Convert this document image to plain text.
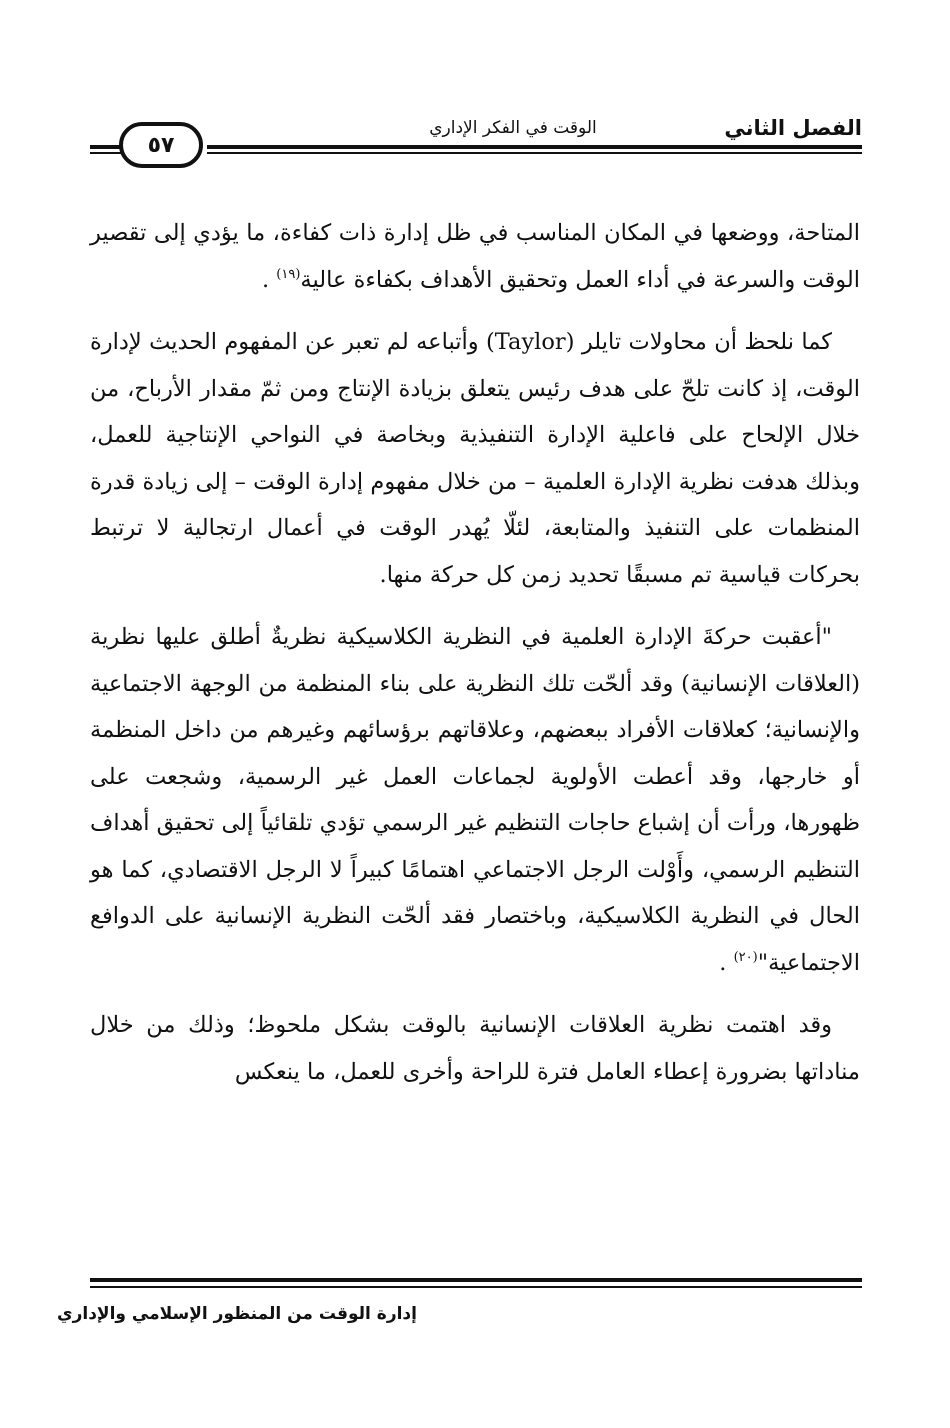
الفصل الثاني
الوقت في الفكر الإداري
٥٧

المتاحة، ووضعها في المكان المناسب في ظل إدارة ذات كفاءة، ما يؤدي إلى تقصير الوقت والسرعة في أداء العمل وتحقيق الأهداف بكفاءة عالية$^{(١٩)}$ .

كما نلحظ أن محاولات تايلر (Taylor) وأتباعه لم تعبر عن المفهوم الحديث لإدارة الوقت، إذ كانت تلحّ على هدف رئيس يتعلق بزيادة الإنتاج ومن ثمّ مقدار الأرباح، من خلال الإلحاح على فاعلية الإدارة التنفيذية وبخاصة في النواحي الإنتاجية للعمل، وبذلك هدفت نظرية الإدارة العلمية – من خلال مفهوم إدارة الوقت – إلى زيادة قدرة المنظمات على التنفيذ والمتابعة، لئلّا يُهدر الوقت في أعمال ارتجالية لا ترتبط بحركات قياسية تم مسبقًا تحديد زمن كل حركة منها.

"أعقبت حركةَ الإدارة العلمية في النظرية الكلاسيكية نظريةٌ أطلق عليها نظرية (العلاقات الإنسانية) وقد ألحّت تلك النظرية على بناء المنظمة من الوجهة الاجتماعية والإنسانية؛ كعلاقات الأفراد ببعضهم، وعلاقاتهم برؤسائهم وغيرهم من داخل المنظمة أو خارجها، وقد أعطت الأولوية لجماعات العمل غير الرسمية، وشجعت على ظهورها، ورأت أن إشباع حاجات التنظيم غير الرسمي تؤدي تلقائياً إلى تحقيق أهداف التنظيم الرسمي، وأَوْلت الرجل الاجتماعي اهتمامًا كبيراً لا الرجل الاقتصادي، كما هو الحال في النظرية الكلاسيكية، وباختصار فقد ألحّت النظرية الإنسانية على الدوافع الاجتماعية"$^{(٢٠)}$ .

وقد اهتمت نظرية العلاقات الإنسانية بالوقت بشكل ملحوظ؛ وذلك من خلال مناداتها بضرورة إعطاء العامل فترة للراحة وأخرى للعمل، ما ينعكس

إدارة الوقت من المنظور الإسلامي والإداري
